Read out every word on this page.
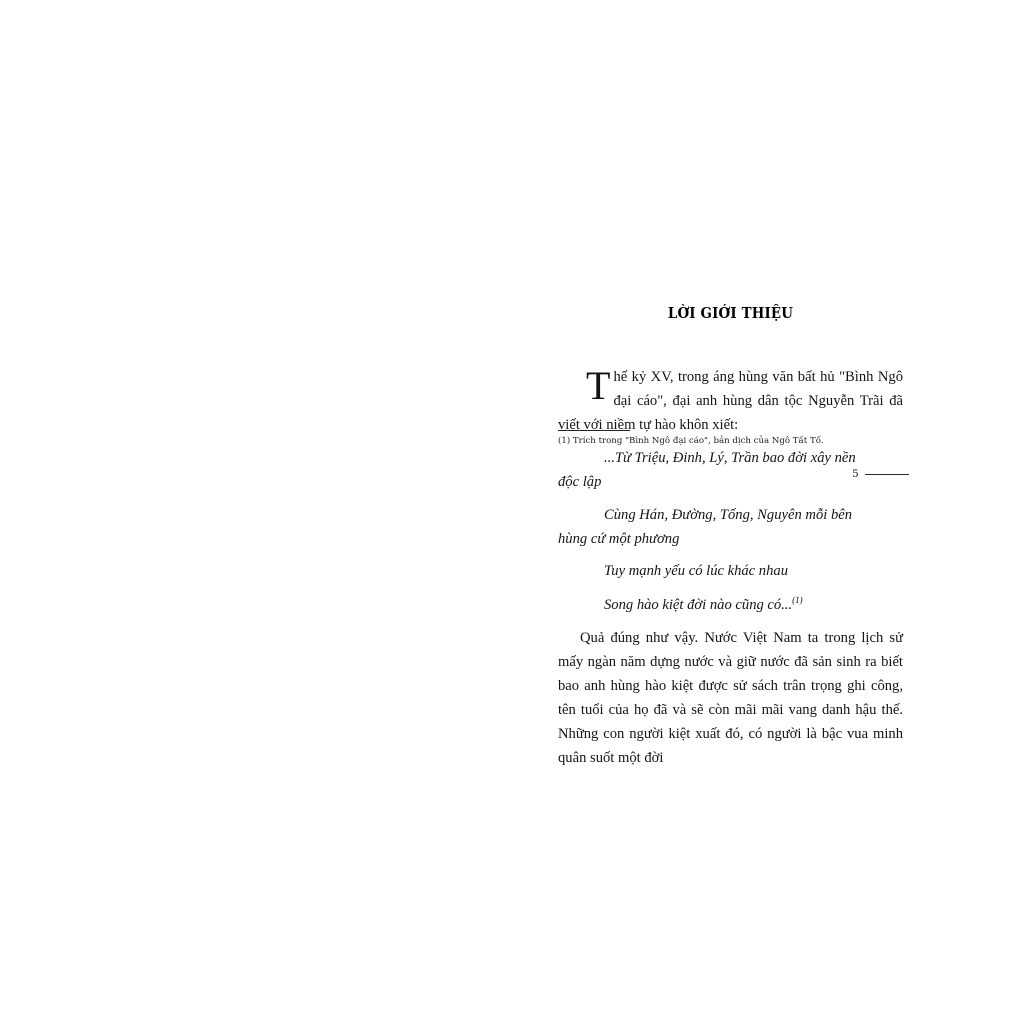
LỜI GIỚI THIỆU

Thế kỷ XV, trong áng hùng văn bất hủ "Bình Ngô đại cáo", đại anh hùng dân tộc Nguyễn Trãi đã viết với niềm tự hào khôn xiết:

...Từ Triệu, Đinh, Lý, Trần bao đời xây nền

độc lập

Cùng Hán, Đường, Tống, Nguyên mỗi bên

hùng cứ một phương

Tuy mạnh yếu có lúc khác nhau

Song hào kiệt đời nào cũng có...$^{(1)}$

Quả đúng như vậy. Nước Việt Nam ta trong lịch sử mấy ngàn năm dựng nước và giữ nước đã sản sinh ra biết bao anh hùng hào kiệt được sử sách trân trọng ghi công, tên tuổi của họ đã và sẽ còn mãi mãi vang danh hậu thế. Những con người kiệt xuất đó, có người là bậc vua minh quân suốt một đời

(1) Trích trong "Bình Ngô đại cáo", bản dịch của Ngô Tất Tố.
5
